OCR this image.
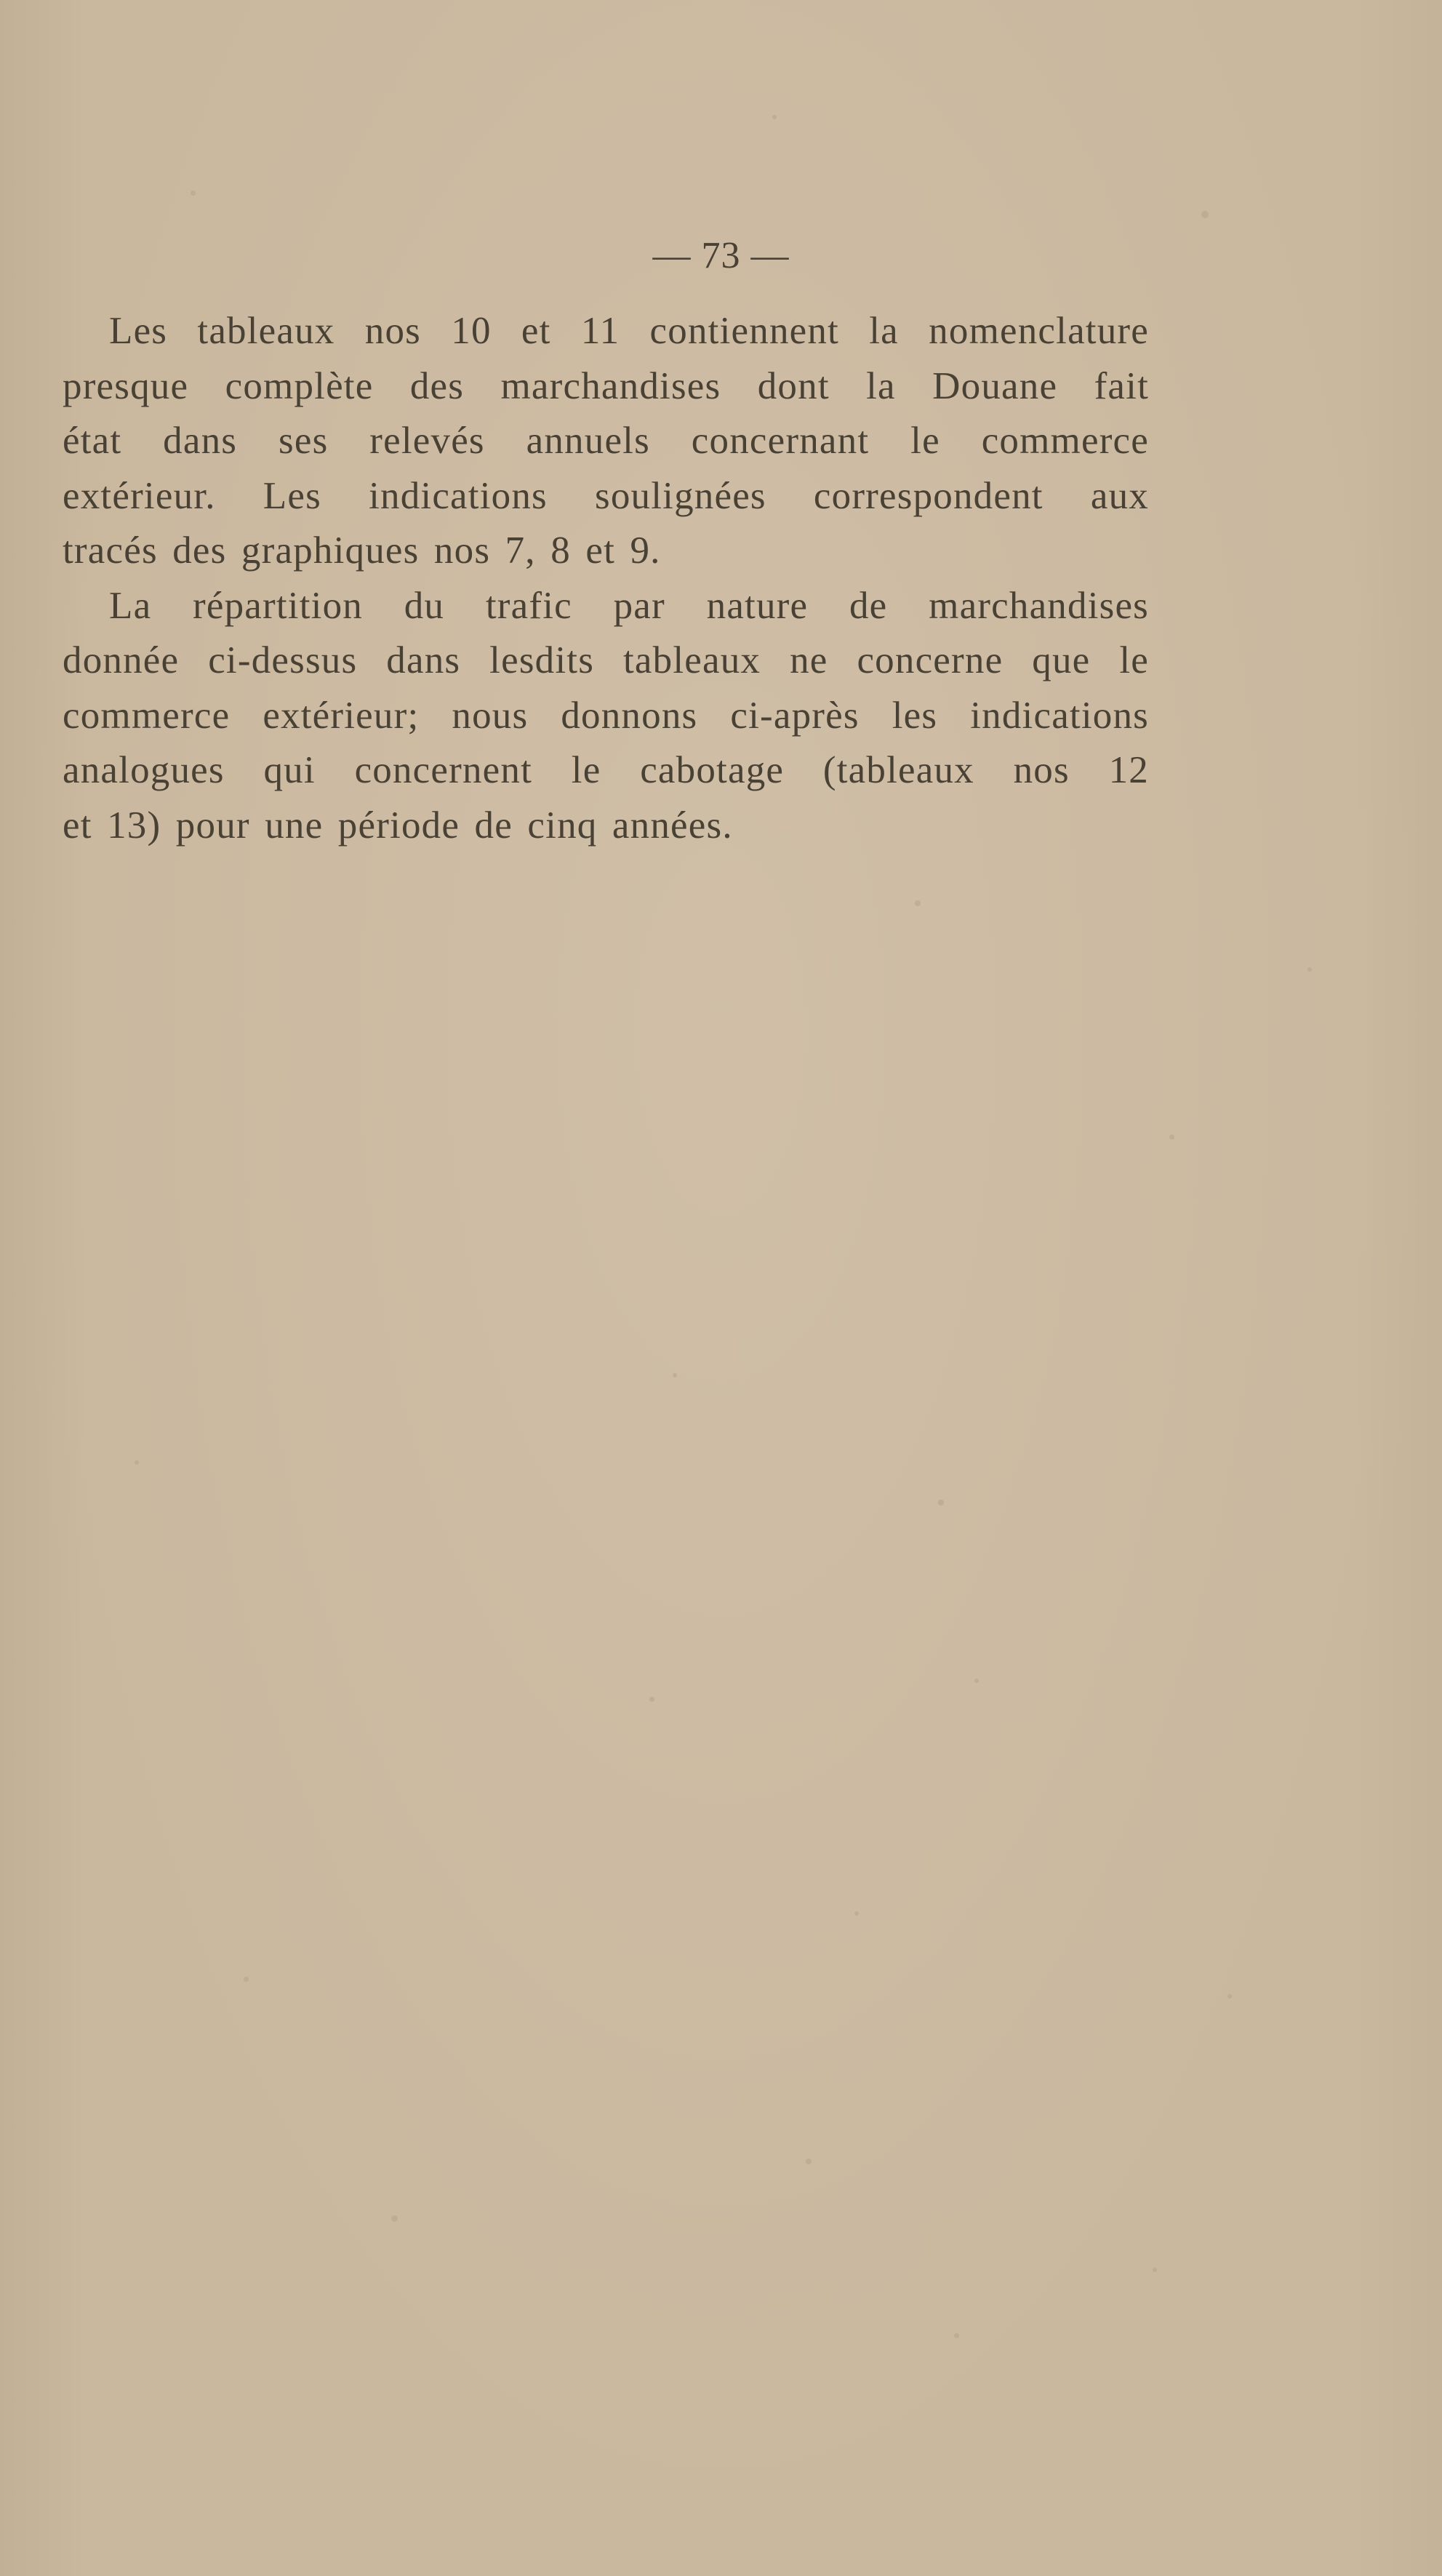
— 73 —

Les tableaux nos 10 et 11 contiennent la nomenclature
presque complète des marchandises dont la Douane fait
état dans ses relevés annuels concernant le commerce
extérieur. Les indications soulignées correspondent aux
tracés des graphiques nos 7, 8 et 9.

La répartition du trafic par nature de marchandises
donnée ci-dessus dans lesdits tableaux ne concerne que le
commerce extérieur; nous donnons ci-après les indications
analogues qui concernent le cabotage (tableaux nos 12
et 13) pour une période de cinq années.
